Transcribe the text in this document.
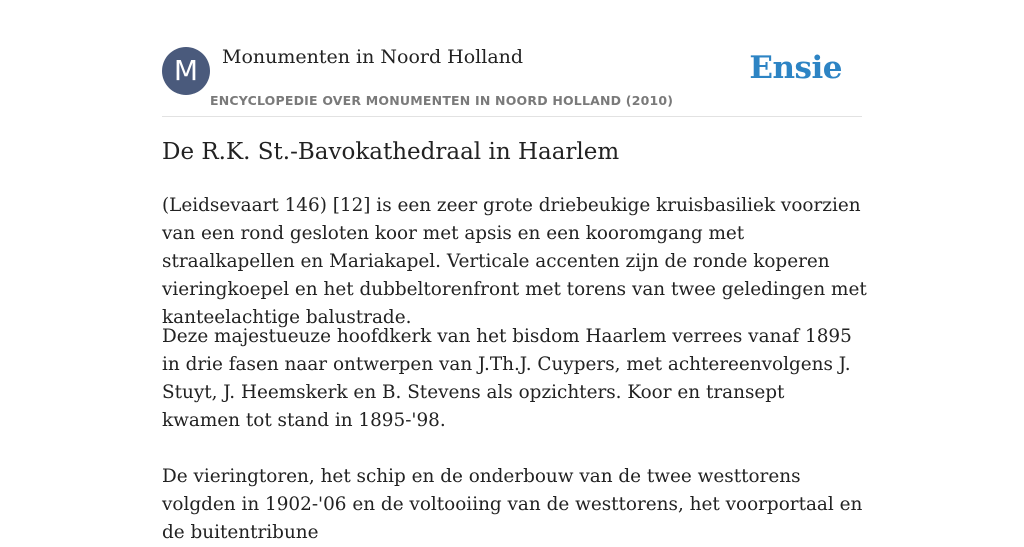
M	Monumenten in Noord Holland
ENCYCLOPEDIE OVER MONUMENTEN IN NOORD HOLLAND (2010)
Ensie
De R.K. St.-Bavokathedraal in Haarlem

(Leidsevaart 146) [12] is een zeer grote driebeukige kruisbasiliek voorzien van een rond gesloten koor met apsis en een kooromgang met straalkapellen en Mariakapel. Verticale accenten zijn de ronde koperen vieringkoepel en het dubbeltorenfront met torens van twee geledingen met kanteelachtige balustrade.

Deze majestueuze hoofdkerk van het bisdom Haarlem verrees vanaf 1895 in drie fasen naar ontwerpen van J.Th.J. Cuypers, met achtereenvolgens J. Stuyt, J. Heemskerk en B. Stevens als opzichters. Koor en transept kwamen tot stand in 1895-'98.

De vieringtoren, het schip en de onderbouw van de twee westtorens volgden in 1902-'06 en de voltooiing van de westtorens, het voorportaal en de buitentribune
